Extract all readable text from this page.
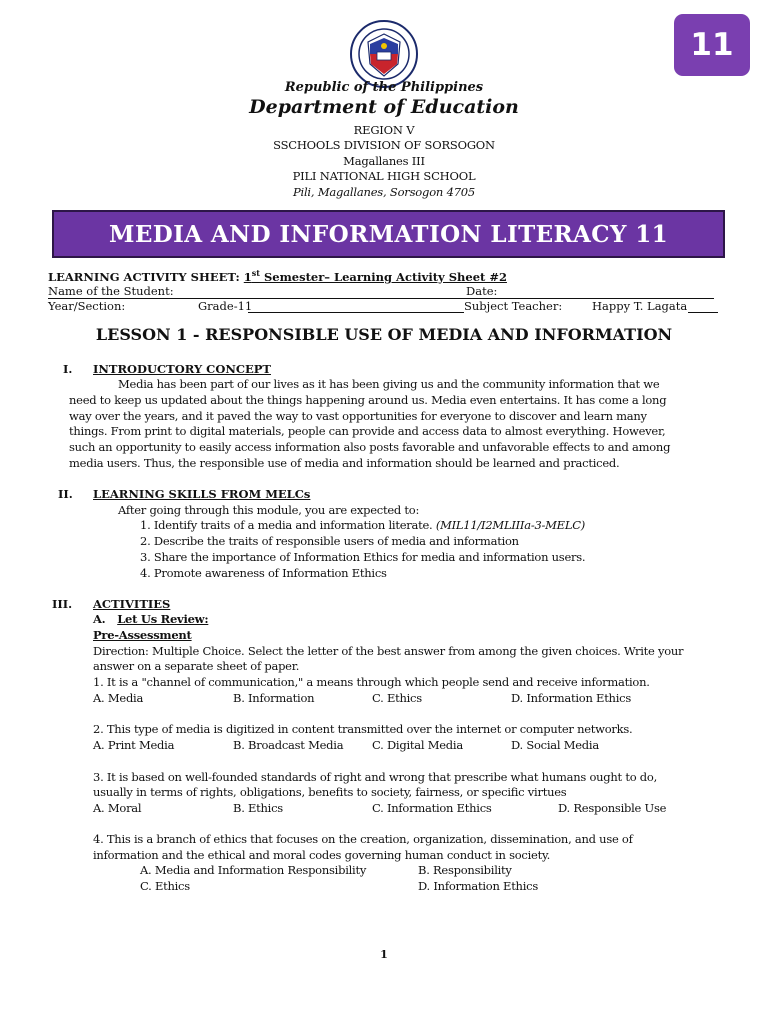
11
Republic of the Philippines
Department of Education
REGION V
SSCHOOLS DIVISION OF SORSOGON
Magallanes III
PILI NATIONAL HIGH SCHOOL
Pili, Magallanes, Sorsogon 4705
MEDIA AND INFORMATION LITERACY 11
LEARNING ACTIVITY SHEET: 1st Semester– Learning Activity Sheet #2
Name of the Student:	Date:
Year/Section:	Grade-11	Subject Teacher:	Happy T. Lagata
LESSON 1 - RESPONSIBLE USE OF MEDIA AND INFORMATION
I. INTRODUCTORY CONCEPT
Media has been part of our lives as it has been giving us and the community information that we
need to keep us updated about the things happening around us. Media even entertains. It has come a long
way over the years, and it paved the way to vast opportunities for everyone to discover and learn many
things. From print to digital materials, people can provide and access data to almost everything. However,
such an opportunity to easily access information also posts favorable and unfavorable effects to and among
media users. Thus, the responsible use of media and information should be learned and practiced.
II. LEARNING SKILLS FROM MELCs
After going through this module, you are expected to:
1. Identify traits of a media and information literate. (MIL11/I2MLIIIa-3-MELC)
2. Describe the traits of responsible users of media and information
3. Share the importance of Information Ethics for media and information users.
4. Promote awareness of Information Ethics
III. ACTIVITIES
A. Let Us Review:
Pre-Assessment
Direction: Multiple Choice. Select the letter of the best answer from among the given choices. Write your
answer on a separate sheet of paper.
1. It is a "channel of communication," a means through which people send and receive information.
A. Media	B. Information	C. Ethics	D. Information Ethics
2. This type of media is digitized in content transmitted over the internet or computer networks.
A. Print Media	B. Broadcast Media C. Digital Media	D. Social Media
3. It is based on well-founded standards of right and wrong that prescribe what humans ought to do,
usually in terms of rights, obligations, benefits to society, fairness, or specific virtues
A. Moral	B. Ethics	C. Information Ethics	D. Responsible Use
4. This is a branch of ethics that focuses on the creation, organization, dissemination, and use of
information and the ethical and moral codes governing human conduct in society.
A. Media and Information Responsibility	B. Responsibility
C. Ethics	D. Information Ethics
1
